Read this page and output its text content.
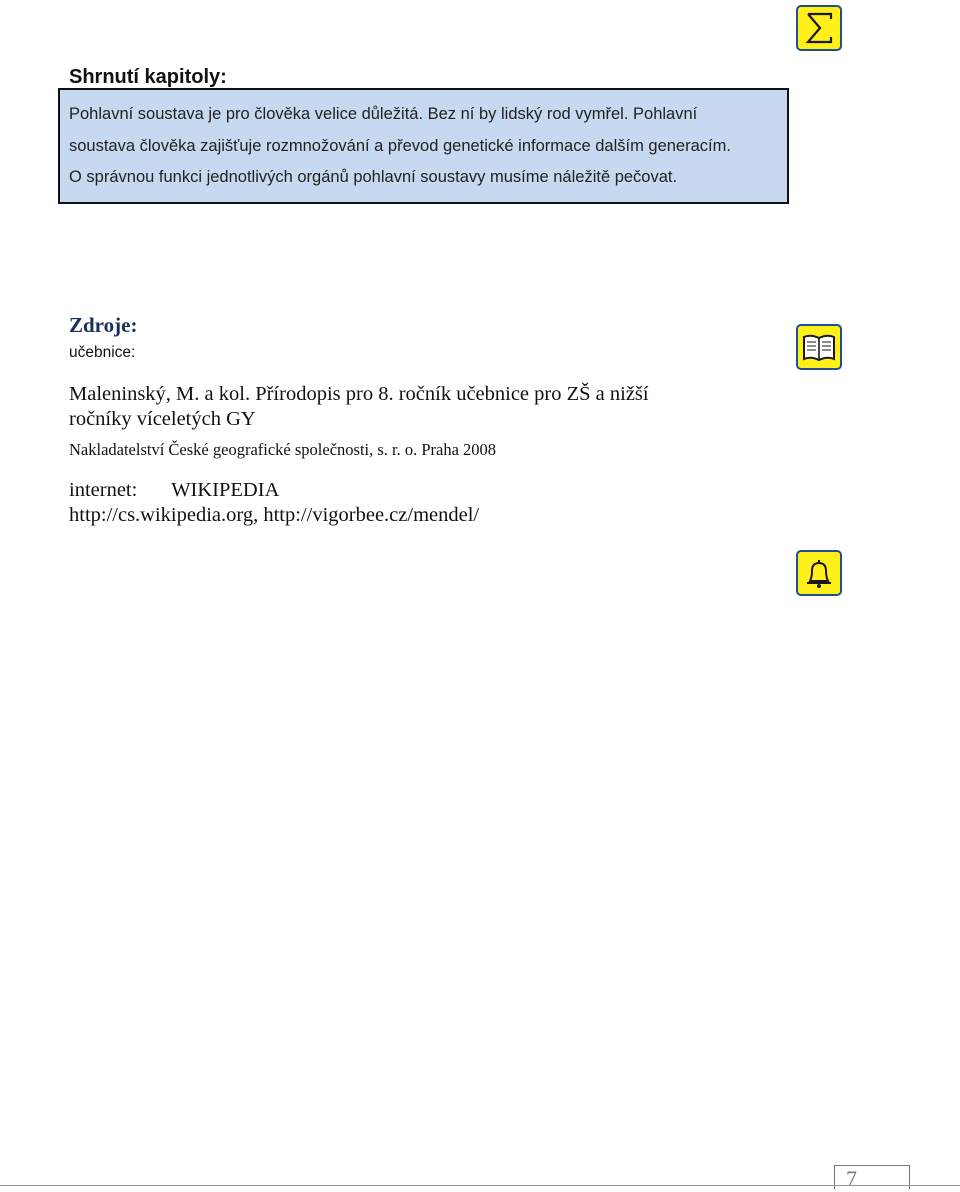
Shrnutí kapitoly:
Pohlavní soustava je pro člověka velice důležitá. Bez ní by lidský rod vymřel. Pohlavní
soustava člověka zajišťuje rozmnožování a převod genetické informace dalším generacím.
O správnou funkci jednotlivých orgánů pohlavní soustavy musíme náležitě pečovat.
Zdroje:
učebnice:
Maleninský, M. a kol. Přírodopis pro 8. ročník učebnice pro ZŠ a nižší
ročníky víceletých GY
Nakladatelství České geografické společnosti, s. r. o. Praha 2008
internet: WIKIPEDIA
http://cs.wikipedia.org, http://vigorbee.cz/mendel/
7
